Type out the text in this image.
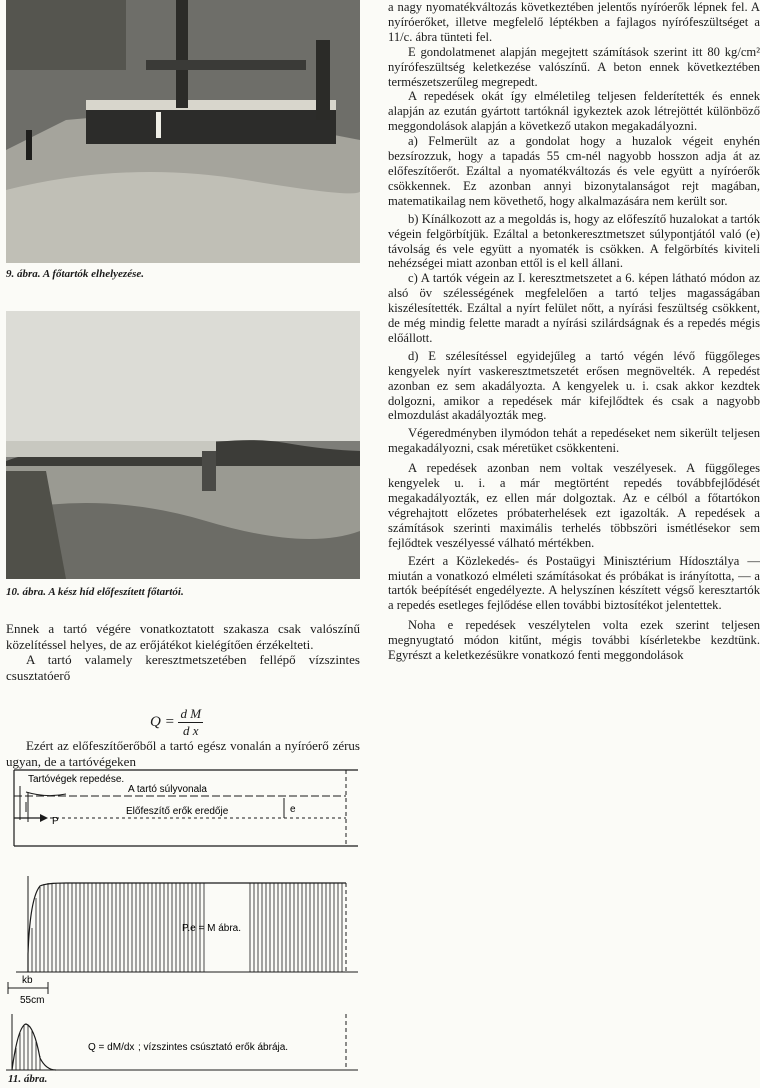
9. ábra. A főtartók elhelyezése.
10. ábra. A kész híd előfeszített főtartói.

Ennek a tartó végére vonatkoztatott szakasza csak valószínű közelítéssel helyes, de az erőjátékot kielégítően érzékelteti.

A tartó valamely keresztmetszetében fellépő vízszintes csusztatóerő

$Q = \frac{\text{d M}}{\text{d x}}$

Ezért az előfeszítőerőből a tartó egész vonalán a nyíróerő zérus ugyan, de a tartóvégeken

Tartóvégek repedése.
A tartó súlyvonala
Előfeszítő erők eredője
P
e
P.e = M ábra.
kb
55cm
Q = dM/dx ; vízszintes csúsztató erők ábrája.
11. ábra.

a nagy nyomatékváltozás következtében jelentős nyíróerők lépnek fel. A nyíróerőket, illetve megfelelő léptékben a fajlagos nyírófeszültséget a 11/c. ábra tünteti fel.

E gondolatmenet alapján megejtett számítások szerint itt 80 kg/cm² nyírófeszültség keletkezése valószínű. A beton ennek következtében természetszerűleg megrepedt.

A repedések okát így elméletileg teljesen felderítették és ennek alapján az ezután gyártott tartóknál igykeztek azok létrejöttét különböző meggondolások alapján a következő utakon megakadályozni.

a) Felmerült az a gondolat hogy a huzalok végeit enyhén bezsírozzuk, hogy a tapadás 55 cm-nél nagyobb hosszon adja át az előfeszítőerőt. Ezáltal a nyomatékváltozás és vele együtt a nyíróerők csökkennek. Ez azonban annyi bizonytalanságot rejt magában, matematikailag nem követhető, hogy alkalmazására nem került sor.

b) Kínálkozott az a megoldás is, hogy az előfeszítő huzalokat a tartók végein felgörbítjük. Ezáltal a betonkeresztmetszet súlypontjától való (e) távolság és vele együtt a nyomaték is csökken. A felgörbítés kiviteli nehézségei miatt azonban ettől is el kell állani.

c) A tartók végein az I. keresztmetszetet a 6. képen látható módon az alsó öv szélességének megfelelően a tartó teljes magasságában kiszélesítették. Ezáltal a nyírt felület nőtt, a nyírási feszültség csökkent, de még mindig felette maradt a nyírási szilárdságnak és a repedés mégis előállott.

d) E szélesítéssel egyidejűleg a tartó végén lévő függőleges kengyelek nyírt vaskeresztmetszetét erősen megnövelték. A repedést azonban ez sem akadályozta. A kengyelek u. i. csak akkor kezdtek dolgozni, amikor a repedések már kifejlődtek és csak a nagyobb elmozdulást akadályozták meg.

Végeredményben ilymódon tehát a repedéseket nem sikerült teljesen megakadályozni, csak méretüket csökkenteni.

A repedések azonban nem voltak veszélyesek. A függőleges kengyelek u. i. a már megtörtént repedés továbbfejlődését megakadályozták, ez ellen már dolgoztak. Az e célból a főtartókon végrehajtott előzetes próbaterhelések ezt igazolták. A repedések a számítások szerinti maximális terhelés többszöri ismétlésekor sem fejlődtek veszélyessé válható mértékben.

Ezért a Közlekedés- és Postaügyi Minisztérium Hídosztálya — miután a vonatkozó elméleti számításokat és próbákat is irányította, — a tartók beépítését engedélyezte. A helyszínen készített végső keresztartók a repedés esetleges fejlődése ellen további biztosítékot jelentettek.

Noha e repedések veszélytelen volta ezek szerint teljesen megnyugtató módon kitűnt, mégis további kísérletekbe kezdtünk. Egyrészt a keletkezésükre vonatkozó fenti meggondolások
